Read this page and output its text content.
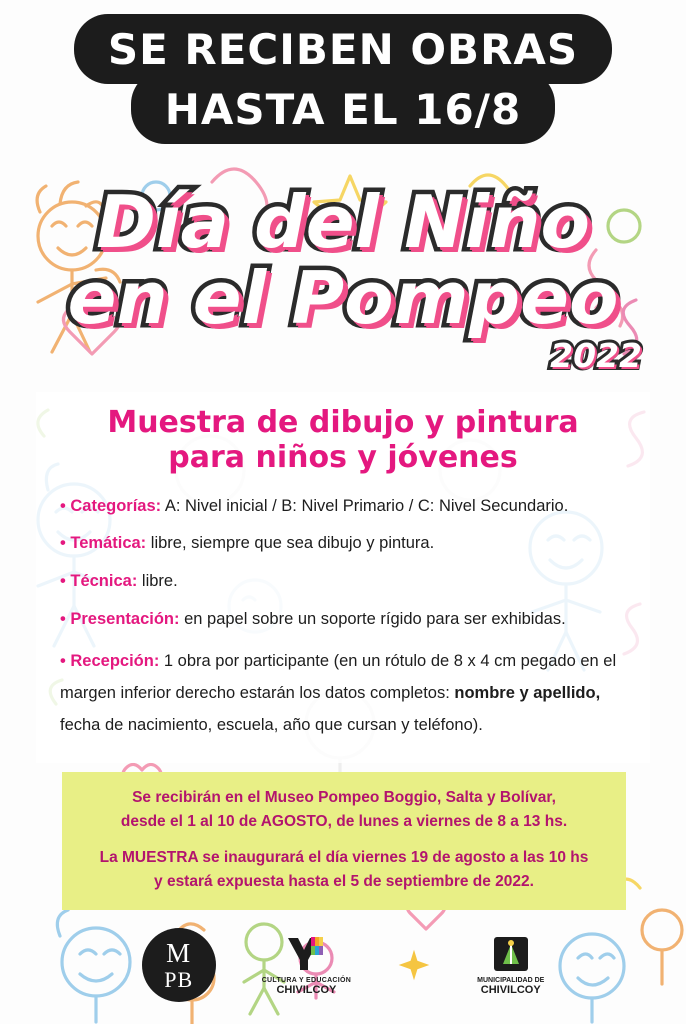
SE RECIBEN OBRAS
HASTA EL 16/8
Día del Niño en el Pompeo
2022
Muestra de dibujo y pintura
para niños y jóvenes
• Categorías: A: Nivel inicial / B: Nivel Primario / C: Nivel Secundario.
• Temática: libre, siempre que sea dibujo y pintura.
• Técnica: libre.
• Presentación: en papel sobre un soporte rígido para ser exhibidas.
• Recepción: 1 obra por participante (en un rótulo de 8 x 4 cm pegado en el margen inferior derecho estarán los datos completos: nombre y apellido, fecha de nacimiento, escuela, año que cursan y teléfono).

Se recibirán en el Museo Pompeo Boggio, Salta y Bolívar,

desde el 1 al 10 de AGOSTO, de lunes a viernes de 8 a 13 hs.

La MUESTRA se inaugurará el día viernes 19 de agosto a las 10 hs

y estará expuesta hasta el 5 de septiembre de 2022.

M
PB	CULTURA Y EDUCACIÓN
CHIVILCOY
MUNICIPALIDAD DE
CHIVILCOY
